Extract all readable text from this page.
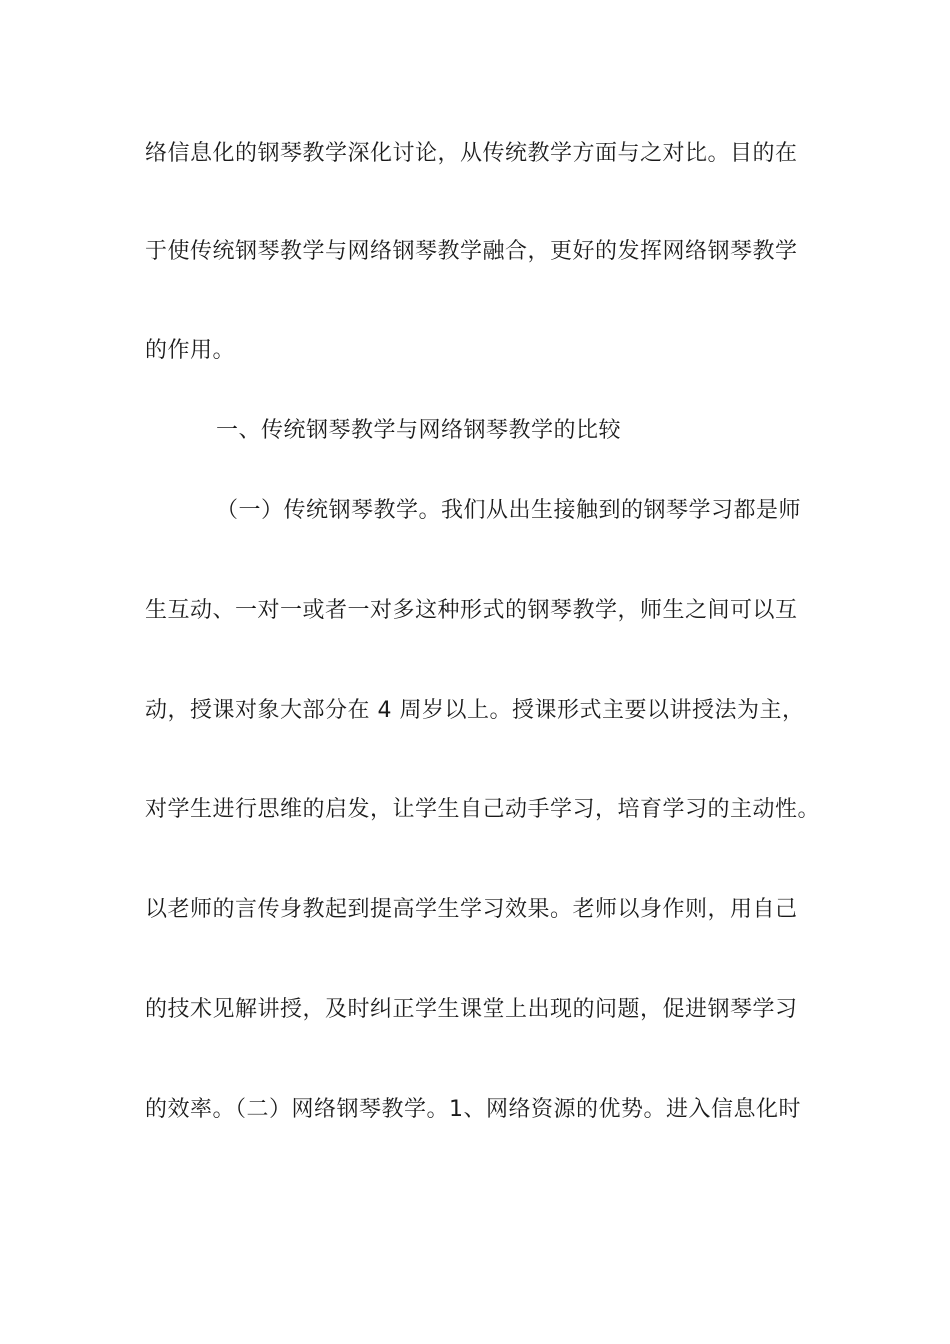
络信息化的钢琴教学深化讨论，从传统教学方面与之对比。目的在
于使传统钢琴教学与网络钢琴教学融合，更好的发挥网络钢琴教学
的作用。
一、传统钢琴教学与网络钢琴教学的比较
（一）传统钢琴教学。我们从出生接触到的钢琴学习都是师
生互动、一对一或者一对多这种形式的钢琴教学，师生之间可以互
动，授课对象大部分在 4 周岁以上。授课形式主要以讲授法为主，
对学生进行思维的启发，让学生自己动手学习，培育学习的主动性。
以老师的言传身教起到提高学生学习效果。老师以身作则，用自己
的技术见解讲授，及时纠正学生课堂上出现的问题，促进钢琴学习
的效率。（二）网络钢琴教学。1、网络资源的优势。进入信息化时
